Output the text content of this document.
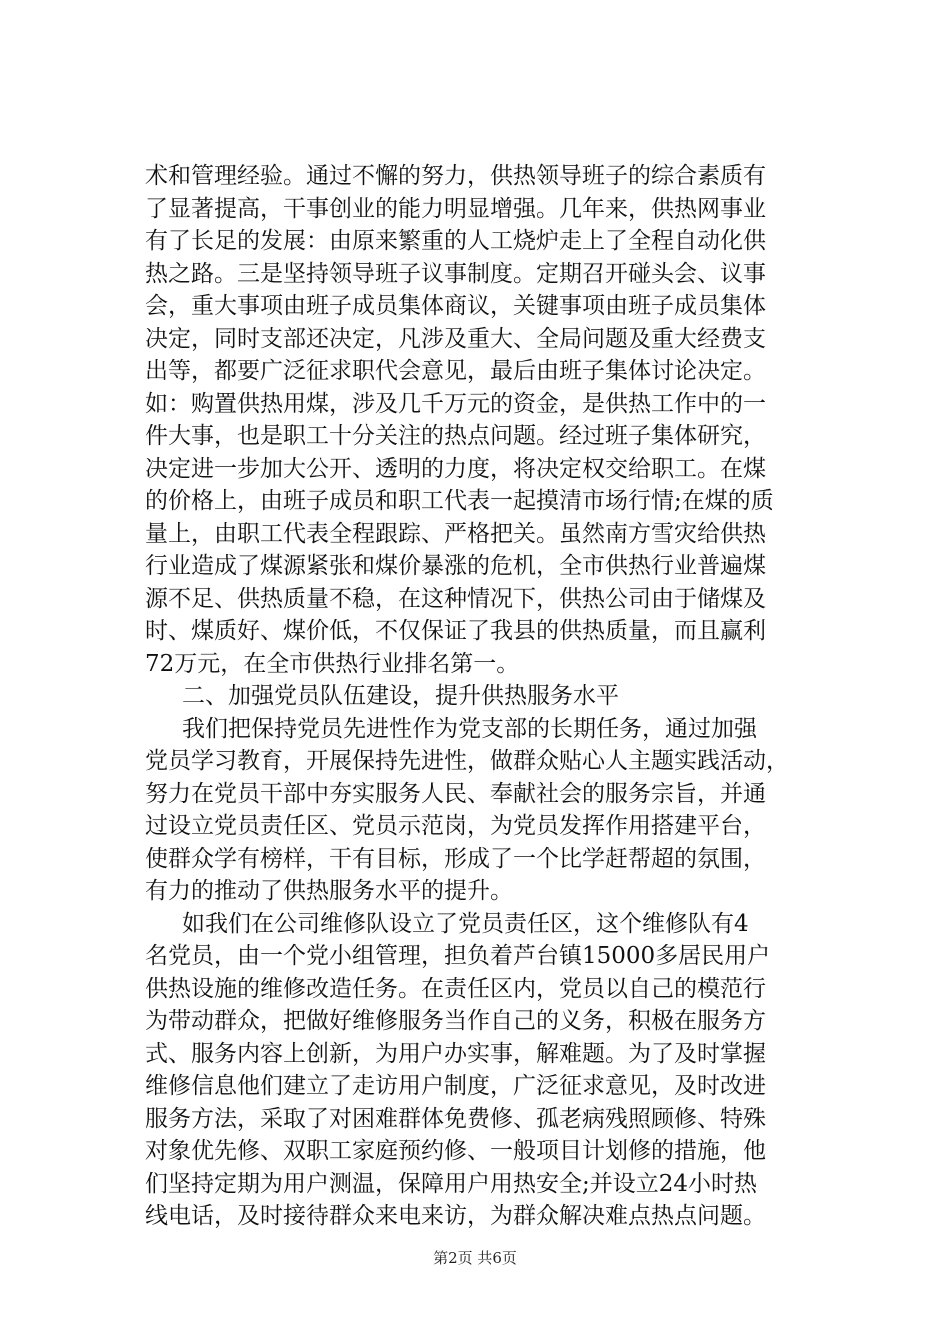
术和管理经验。通过不懈的努力，供热领导班子的综合素质有
了显著提高，干事创业的能力明显增强。几年来，供热网事业
有了长足的发展：由原来繁重的人工烧炉走上了全程自动化供
热之路。三是坚持领导班子议事制度。定期召开碰头会、议事
会，重大事项由班子成员集体商议，关键事项由班子成员集体
决定，同时支部还决定，凡涉及重大、全局问题及重大经费支
出等，都要广泛征求职代会意见，最后由班子集体讨论决定。
如：购置供热用煤，涉及几千万元的资金，是供热工作中的一
件大事，也是职工十分关注的热点问题。经过班子集体研究，
决定进一步加大公开、透明的力度，将决定权交给职工。在煤
的价格上，由班子成员和职工代表一起摸清市场行情;在煤的质
量上，由职工代表全程跟踪、严格把关。虽然南方雪灾给供热
行业造成了煤源紧张和煤价暴涨的危机，全市供热行业普遍煤
源不足、供热质量不稳，在这种情况下，供热公司由于储煤及
时、煤质好、煤价低，不仅保证了我县的供热质量，而且赢利
72万元，在全市供热行业排名第一。
二、加强党员队伍建设，提升供热服务水平
我们把保持党员先进性作为党支部的长期任务，通过加强
党员学习教育，开展保持先进性，做群众贴心人主题实践活动，
努力在党员干部中夯实服务人民、奉献社会的服务宗旨，并通
过设立党员责任区、党员示范岗，为党员发挥作用搭建平台，
使群众学有榜样，干有目标，形成了一个比学赶帮超的氛围，
有力的推动了供热服务水平的提升。
如我们在公司维修队设立了党员责任区，这个维修队有4
名党员，由一个党小组管理，担负着芦台镇15000多居民用户
供热设施的维修改造任务。在责任区内，党员以自己的模范行
为带动群众，把做好维修服务当作自己的义务，积极在服务方
式、服务内容上创新，为用户办实事，解难题。为了及时掌握
维修信息他们建立了走访用户制度，广泛征求意见，及时改进
服务方法，采取了对困难群体免费修、孤老病残照顾修、特殊
对象优先修、双职工家庭预约修、一般项目计划修的措施，他
们坚持定期为用户测温，保障用户用热安全;并设立24小时热
线电话，及时接待群众来电来访，为群众解决难点热点问题。
第2页 共6页
